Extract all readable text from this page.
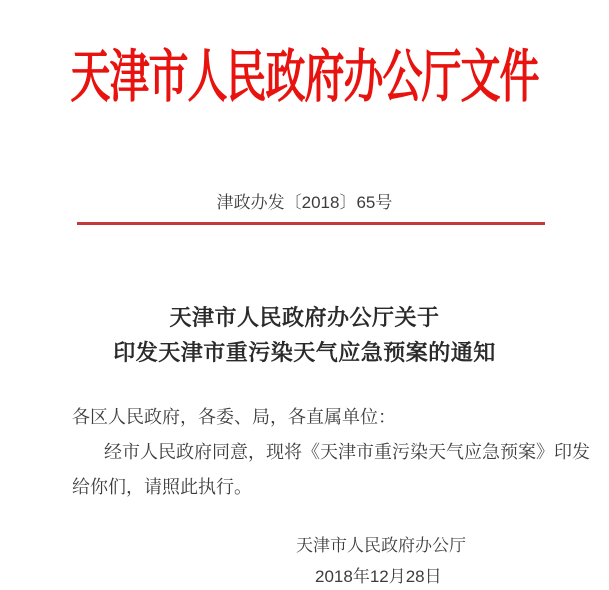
天津市人民政府办公厅文件
津政办发〔2018〕65号
天津市人民政府办公厅关于
印发天津市重污染天气应急预案的通知
各区人民政府，各委、局，各直属单位：
经市人民政府同意，现将《天津市重污染天气应急预案》印发
给你们，请照此执行。
天津市人民政府办公厅
2018年12月28日
